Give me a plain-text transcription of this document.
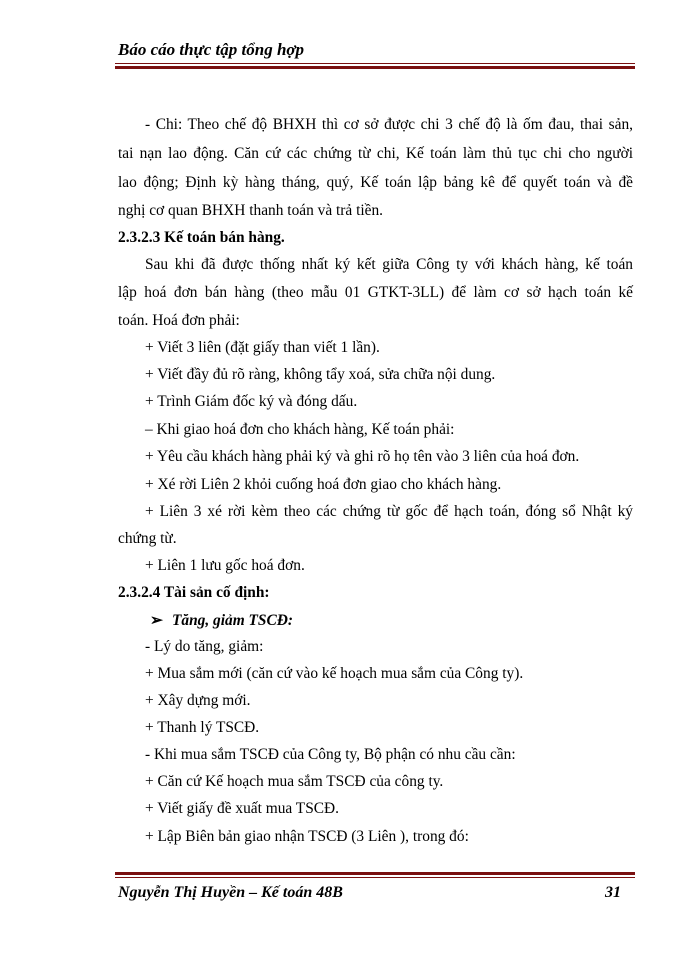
Báo cáo thực tập tổng hợp
- Chi: Theo chế độ BHXH thì cơ sở được chi 3 chế độ là ốm đau, thai sản,
tai nạn lao động. Căn cứ các chứng từ chi, Kế toán làm thủ tục chi cho người
lao động; Định kỳ hàng tháng, quý, Kế toán lập bảng kê để quyết toán và đề
nghị cơ quan BHXH thanh toán và trả tiền.
2.3.2.3 Kế toán bán hàng.
Sau khi đã được thống nhất ký kết giữa Công ty với khách hàng, kế toán
lập hoá đơn bán hàng (theo mẫu 01 GTKT-3LL) để làm cơ sở hạch toán kế
toán. Hoá đơn phải:
+ Viết 3 liên (đặt giấy than viết 1 lần).
+ Viết đầy đủ rõ ràng, không tẩy xoá, sửa chữa nội dung.
+ Trình Giám đốc ký và đóng dấu.
– Khi giao hoá đơn cho khách hàng, Kế toán phải:
+ Yêu cầu khách hàng phải ký và ghi rõ họ tên vào 3 liên của hoá đơn.
+ Xé rời Liên 2 khỏi cuống hoá đơn giao cho khách hàng.
+ Liên 3 xé rời kèm theo các chứng từ gốc để hạch toán, đóng sổ Nhật ký
chứng từ.
+ Liên 1 lưu gốc hoá đơn.
2.3.2.4 Tài sản cố định:
➢ Tăng, giảm TSCĐ:
- Lý do tăng, giảm:
+ Mua sắm mới (căn cứ vào kế hoạch mua sắm của Công ty).
+ Xây dựng mới.
+ Thanh lý TSCĐ.
- Khi mua sắm TSCĐ của Công ty, Bộ phận có nhu cầu cần:
+ Căn cứ Kế hoạch mua sắm TSCĐ của công ty.
+ Viết giấy đề xuất mua TSCĐ.
+ Lập Biên bản giao nhận TSCĐ (3 Liên ), trong đó:
Nguyễn Thị Huyền – Kế toán 48B	31
